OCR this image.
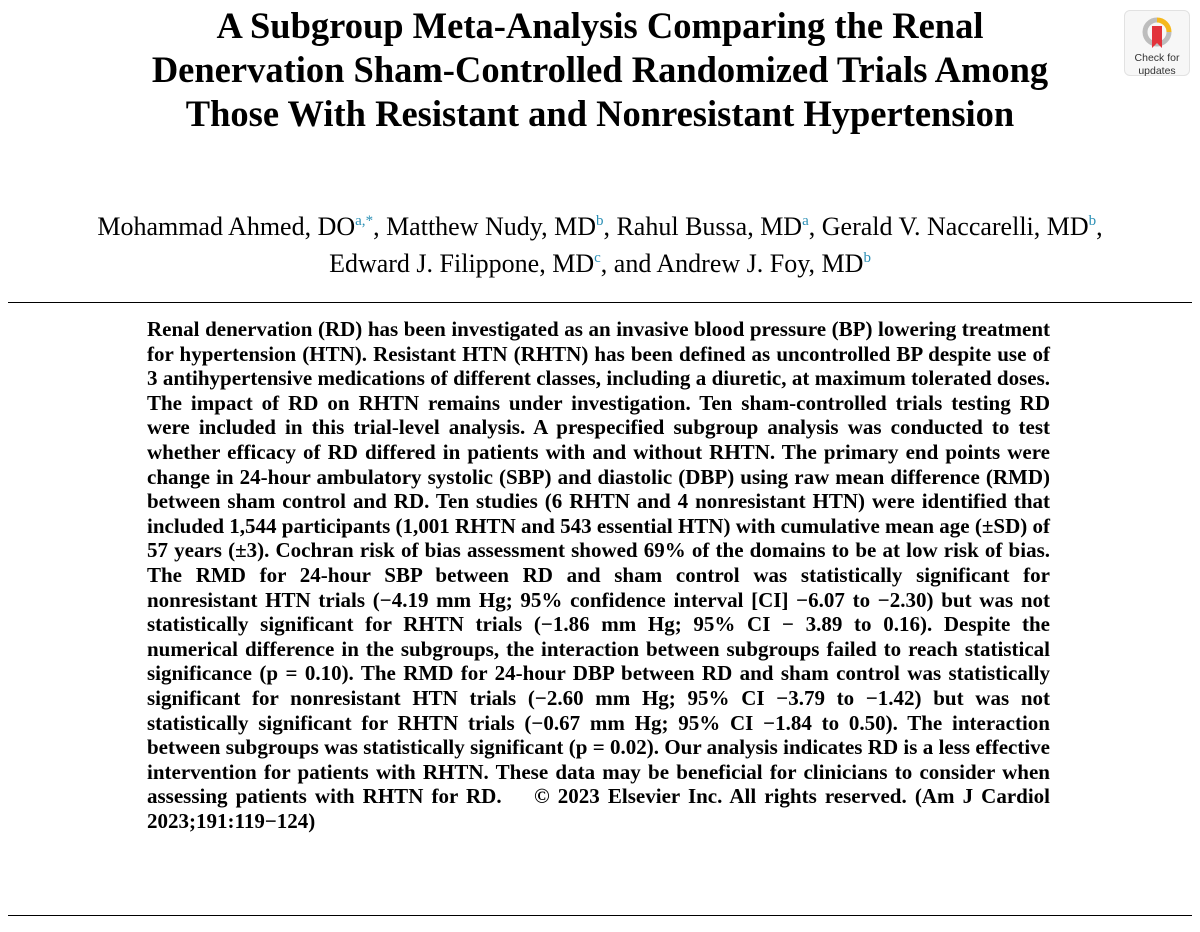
A Subgroup Meta-Analysis Comparing the Renal Denervation Sham-Controlled Randomized Trials Among Those With Resistant and Nonresistant Hypertension
Check for
updates
Mohammad Ahmed, DO$^{a,*}$, Matthew Nudy, MD$^b$, Rahul Bussa, MD$^a$, Gerald V. Naccarelli, MD$^b$,
Edward J. Filippone, MD$^c$, and Andrew J. Foy, MD$^b$
Renal denervation (RD) has been investigated as an invasive blood pressure (BP) lowering treatment for hypertension (HTN). Resistant HTN (RHTN) has been defined as uncontrolled BP despite use of 3 antihypertensive medications of different classes, including a diuretic, at maximum tolerated doses. The impact of RD on RHTN remains under investigation. Ten sham-controlled trials testing RD were included in this trial-level analysis. A prespecified subgroup analysis was conducted to test whether efficacy of RD differed in patients with and without RHTN. The primary end points were change in 24-hour ambulatory systolic (SBP) and diastolic (DBP) using raw mean difference (RMD) between sham control and RD. Ten studies (6 RHTN and 4 nonresistant HTN) were identified that included 1,544 participants (1,001 RHTN and 543 essential HTN) with cumulative mean age (±SD) of 57 years (±3). Cochran risk of bias assessment showed 69% of the domains to be at low risk of bias. The RMD for 24-hour SBP between RD and sham control was statistically significant for nonresistant HTN trials (−4.19 mm Hg; 95% confidence interval [CI] −6.07 to −2.30) but was not statistically significant for RHTN trials (−1.86 mm Hg; 95% CI − 3.89 to 0.16). Despite the numerical difference in the subgroups, the interaction between subgroups failed to reach statistical significance (p = 0.10). The RMD for 24-hour DBP between RD and sham control was statistically significant for nonresistant HTN trials (−2.60 mm Hg; 95% CI −3.79 to −1.42) but was not statistically significant for RHTN trials (−0.67 mm Hg; 95% CI −1.84 to 0.50). The interaction between subgroups was statistically significant (p = 0.02). Our analysis indicates RD is a less effective intervention for patients with RHTN. These data may be beneficial for clinicians to consider when assessing patients with RHTN for RD. © 2023 Elsevier Inc. All rights reserved. (Am J Cardiol 2023;191:119−124)
